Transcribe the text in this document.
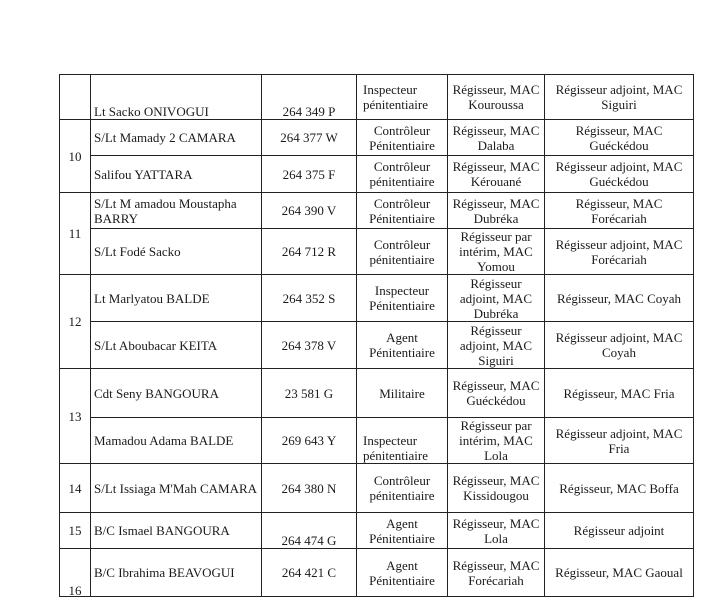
	Lt Sacko ONIVOGUI	264 349 P	Inspecteur pénitentiaire	Régisseur, MAC Kouroussa	Régisseur adjoint, MAC Siguiri
10	S/Lt Mamady 2 CAMARA	264 377 W	Contrôleur Pénitentiaire	Régisseur, MAC Dalaba	Régisseur, MAC Guéckédou
	Salifou YATTARA	264 375 F	Contrôleur pénitentiaire	Régisseur, MAC Kérouané	Régisseur adjoint, MAC Guéckédou
11	S/Lt M amadou Moustapha BARRY	264 390 V	Contrôleur Pénitentiaire	Régisseur, MAC Dubréka	Régisseur, MAC Forécariah
	S/Lt Fodé Sacko	264 712 R	Contrôleur pénitentiaire	Régisseur par intérim, MAC Yomou	Régisseur adjoint, MAC Forécariah
12	Lt Marlyatou BALDE	264 352 S	Inspecteur Pénitentiaire	Régisseur adjoint, MAC Dubréka	Régisseur, MAC Coyah
	S/Lt Aboubacar KEITA	264 378 V	Agent Pénitentiaire	Régisseur adjoint, MAC Siguiri	Régisseur adjoint, MAC Coyah
13	Cdt Seny BANGOURA	23 581 G	Militaire	Régisseur, MAC Guéckédou	Régisseur, MAC Fria
	Mamadou Adama BALDE	269 643 Y	Inspecteur pénitentiaire	Régisseur par intérim, MAC Lola	Régisseur adjoint, MAC Fria
14	S/Lt Issiaga M'Mah CAMARA	264 380 N	Contrôleur pénitentiaire	Régisseur, MAC Kissidougou	Régisseur, MAC Boffa
15	B/C Ismael BANGOURA	264 474 G	Agent Pénitentiaire	Régisseur, MAC Lola	Régisseur adjoint
16	B/C Ibrahima BEAVOGUI	264 421 C	Agent Pénitentiaire	Régisseur, MAC Forécariah	Régisseur, MAC Gaoual
